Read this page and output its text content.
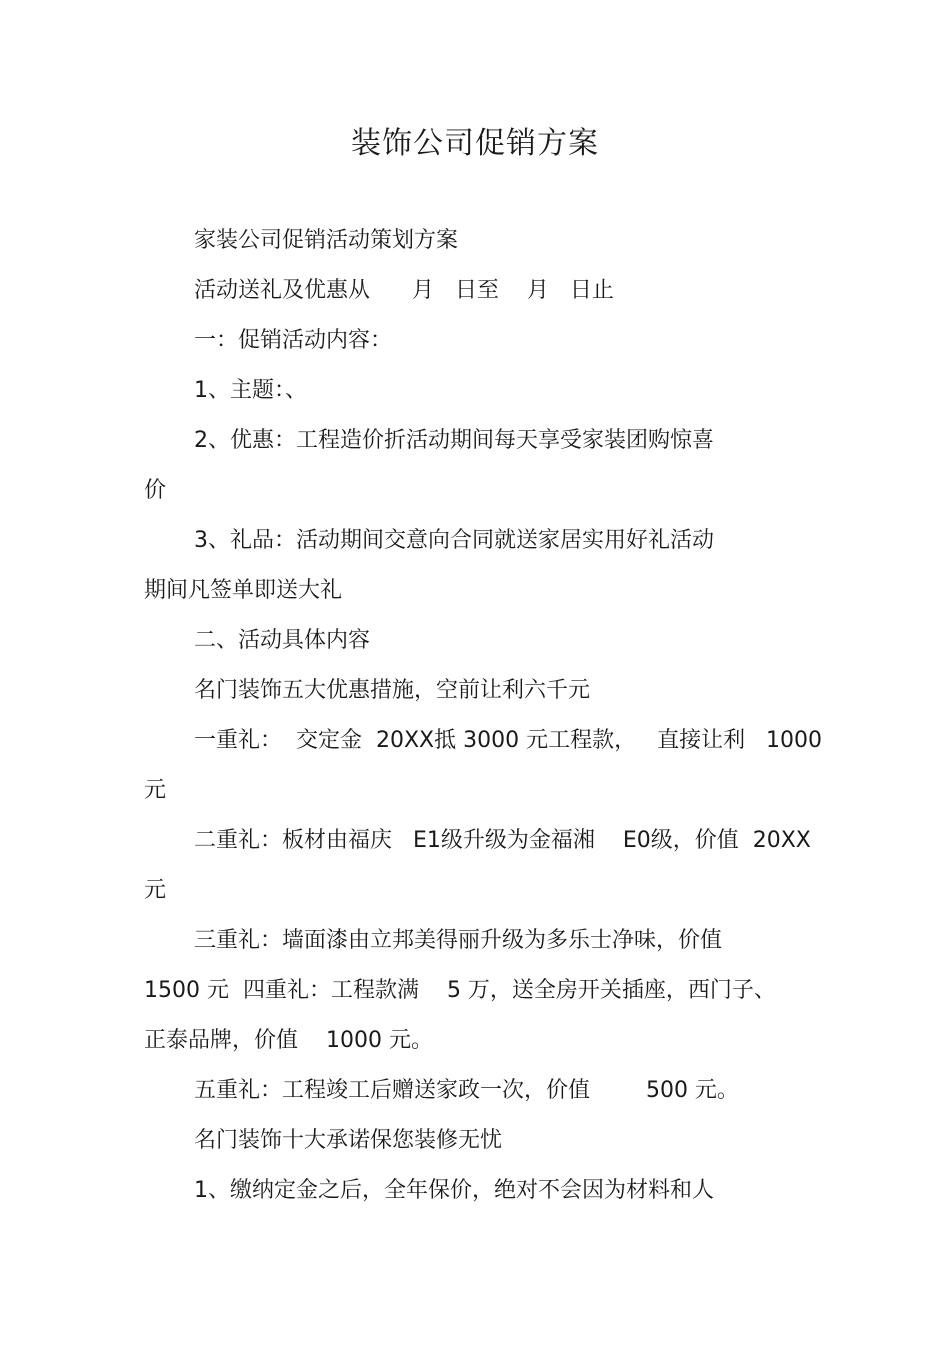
装饰公司促销方案
家装公司促销活动策划方案
活动送礼及优惠从      月   日至    月   日止
一：促销活动内容：
1、主题：、
2、优惠：工程造价折活动期间每天享受家装团购惊喜
价
3、礼品：活动期间交意向合同就送家居实用好礼活动
期间凡签单即送大礼
二、活动具体内容
名门装饰五大优惠措施，空前让利六千元
一重礼：  交定金  20XX抵 3000 元工程款，   直接让利   1000
元
二重礼：板材由福庆   E1级升级为金福湘    E0级，价值  20XX
元
三重礼：墙面漆由立邦美得丽升级为多乐士净味，价值
1500 元  四重礼：工程款满    5 万，送全房开关插座，西门子、
正泰品牌，价值    1000 元。
五重礼：工程竣工后赠送家政一次，价值        500 元。
名门装饰十大承诺保您装修无忧
1、缴纳定金之后，全年保价，绝对不会因为材料和人
